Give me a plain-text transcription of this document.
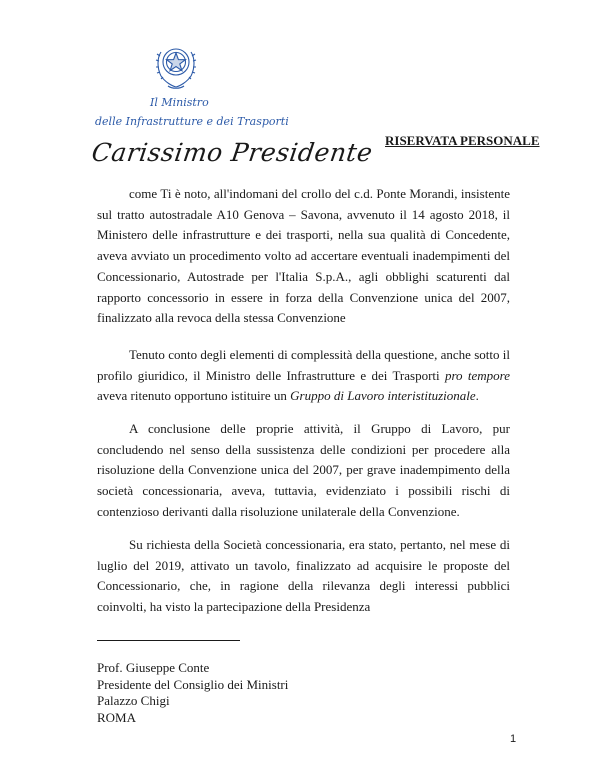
Il Ministro
delle Infrastrutture e dei Trasporti
RISERVATA PERSONALE
Carissimo Presidente

come Ti è noto, all'indomani del crollo del c.d. Ponte Morandi, insistente sul tratto autostradale A10 Genova – Savona, avvenuto il 14 agosto 2018, il Ministero delle infrastrutture e dei trasporti, nella sua qualità di Concedente, aveva avviato un procedimento volto ad accertare eventuali inadempimenti del Concessionario, Autostrade per l'Italia S.p.A., agli obblighi scaturenti dal rapporto concessorio in essere in forza della Convenzione unica del 2007, finalizzato alla revoca della stessa Convenzione

Tenuto conto degli elementi di complessità della questione, anche sotto il profilo giuridico, il Ministro delle Infrastrutture e dei Trasporti pro tempore aveva ritenuto opportuno istituire un Gruppo di Lavoro interistituzionale.

A conclusione delle proprie attività, il Gruppo di Lavoro, pur concludendo nel senso della sussistenza delle condizioni per procedere alla risoluzione della Convenzione unica del 2007, per grave inadempimento della società concessionaria, aveva, tuttavia, evidenziato i possibili rischi di contenzioso derivanti dalla risoluzione unilaterale della Convenzione.

Su richiesta della Società concessionaria, era stato, pertanto, nel mese di luglio del 2019, attivato un tavolo, finalizzato ad acquisire le proposte del Concessionario, che, in ragione della rilevanza degli interessi pubblici coinvolti, ha visto la partecipazione della Presidenza

Prof. Giuseppe Conte
Presidente del Consiglio dei Ministri
Palazzo Chigi
ROMA
1
